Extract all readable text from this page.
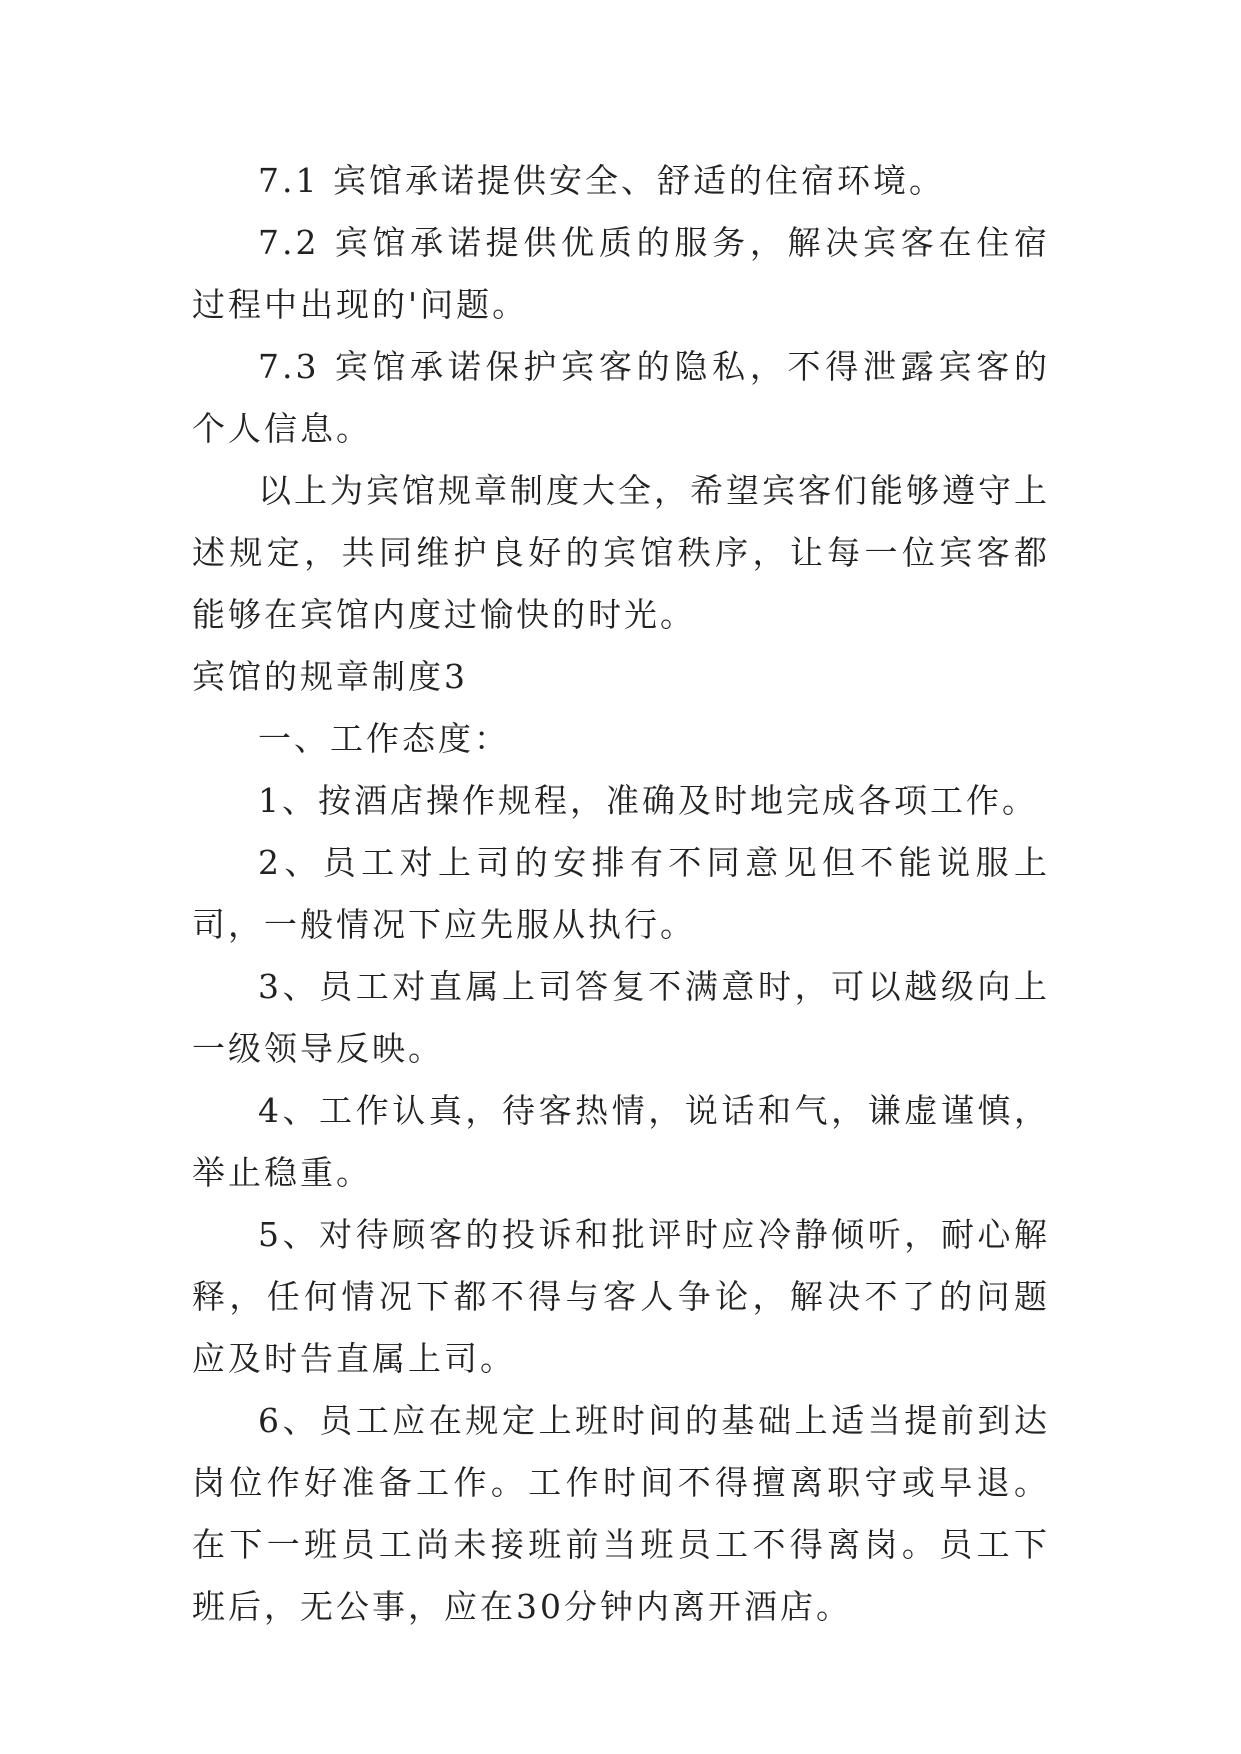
7.1 宾馆承诺提供安全、舒适的住宿环境。

7.2 宾馆承诺提供优质的服务，解决宾客在住宿过程中出现的'问题。

7.3 宾馆承诺保护宾客的隐私，不得泄露宾客的个人信息。

以上为宾馆规章制度大全，希望宾客们能够遵守上述规定，共同维护良好的宾馆秩序，让每一位宾客都能够在宾馆内度过愉快的时光。

宾馆的规章制度3

一、工作态度：

1、按酒店操作规程，准确及时地完成各项工作。

2、员工对上司的安排有不同意见但不能说服上司，一般情况下应先服从执行。

3、员工对直属上司答复不满意时，可以越级向上一级领导反映。

4、工作认真，待客热情，说话和气，谦虚谨慎，举止稳重。

5、对待顾客的投诉和批评时应冷静倾听，耐心解释，任何情况下都不得与客人争论，解决不了的问题应及时告直属上司。

6、员工应在规定上班时间的基础上适当提前到达岗位作好准备工作。工作时间不得擅离职守或早退。在下一班员工尚未接班前当班员工不得离岗。员工下班后，无公事，应在30分钟内离开酒店。
